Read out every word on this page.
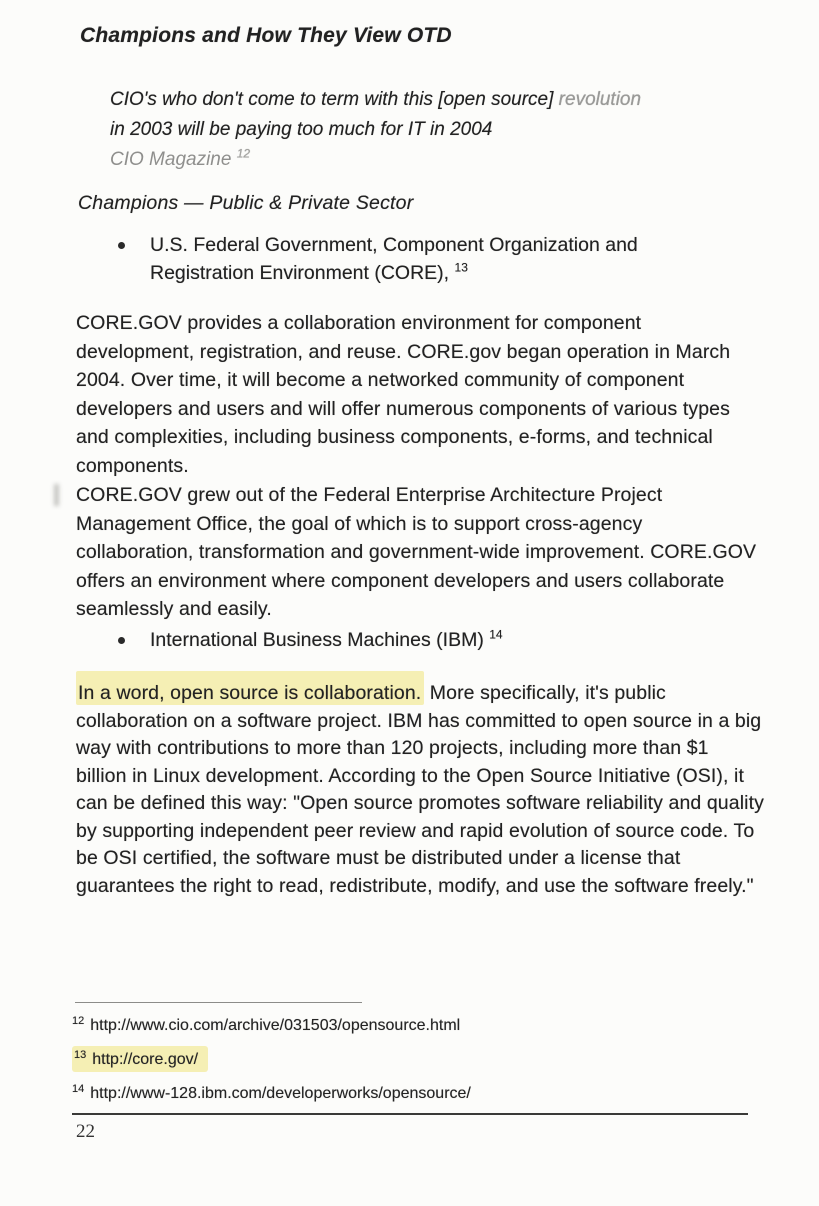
Champions and How They View OTD
CIO's who don't come to term with this [open source] revolution
in 2003 will be paying too much for IT in 2004
CIO Magazine $^{12}$
Champions — Public & Private Sector
U.S. Federal Government, Component Organization and Registration Environment (CORE), $^{13}$

CORE.GOV provides a collaboration environment for component development, registration, and reuse. CORE.gov began operation in March 2004. Over time, it will become a networked community of component developers and users and will offer numerous components of various types and complexities, including business components, e-forms, and technical components.

CORE.GOV grew out of the Federal Enterprise Architecture Project Management Office, the goal of which is to support cross-agency collaboration, transformation and government-wide improvement. CORE.GOV offers an environment where component developers and users collaborate seamlessly and easily.

International Business Machines (IBM) $^{14}$

In a word, open source is collaboration. More specifically, it's public collaboration on a software project. IBM has committed to open source in a big way with contributions to more than 120 projects, including more than $1 billion in Linux development. According to the Open Source Initiative (OSI), it can be defined this way: "Open source promotes software reliability and quality by supporting independent peer review and rapid evolution of source code. To be OSI certified, the software must be distributed under a license that guarantees the right to read, redistribute, modify, and use the software freely."

$^{12}$ http://www.cio.com/archive/031503/opensource.html
$^{13}$ http://core.gov/
$^{14}$ http://www-128.ibm.com/developerworks/opensource/
22
